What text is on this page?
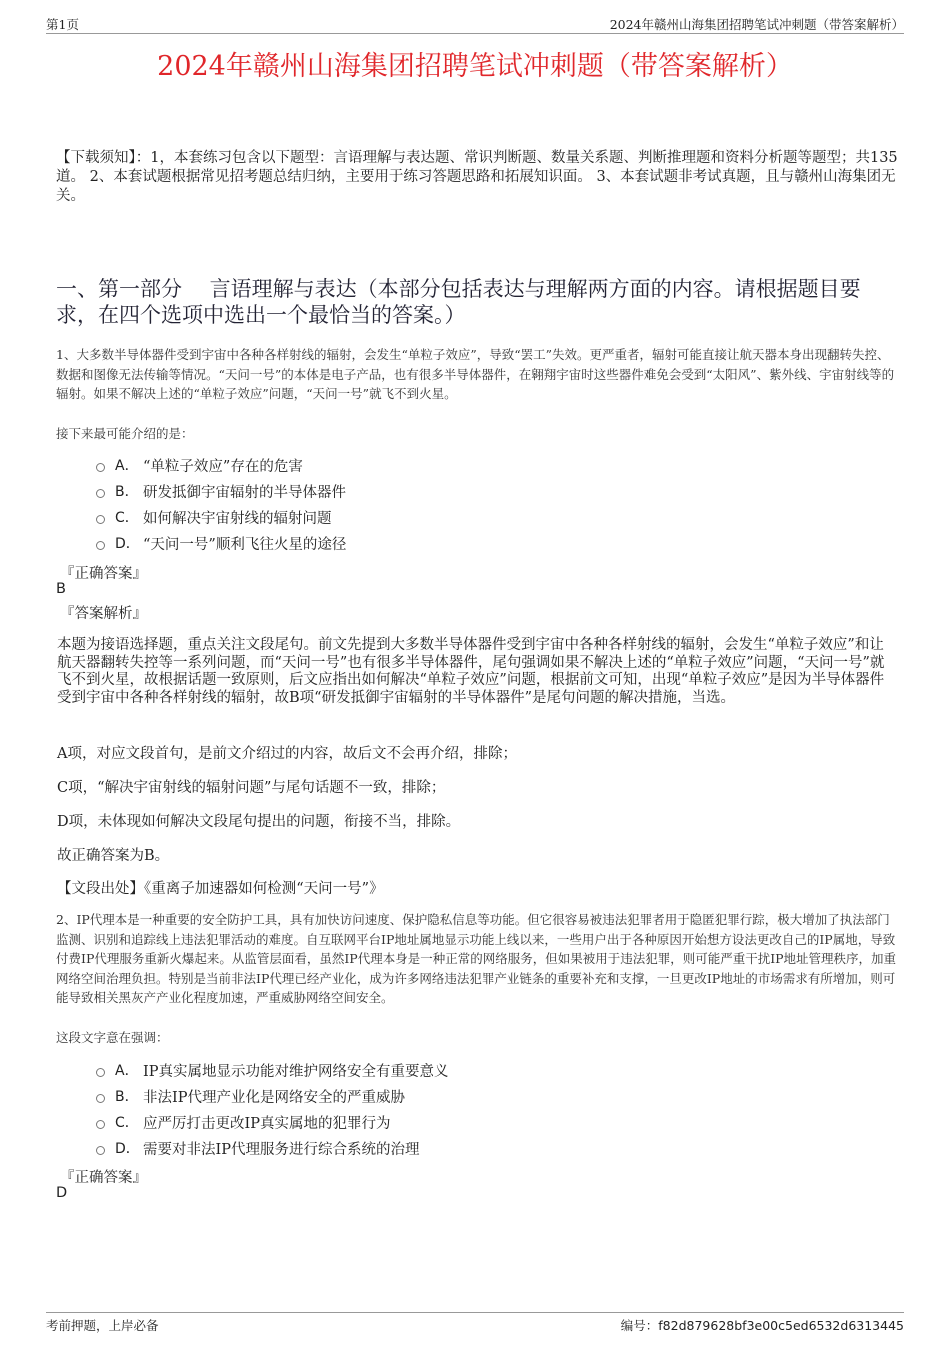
第1页	2024年赣州山海集团招聘笔试冲刺题（带答案解析）
2024年赣州山海集团招聘笔试冲刺题（带答案解析）
【下载须知】：1，本套练习包含以下题型：言语理解与表达题、常识判断题、数量关系题、判断推理题和资料分析题等题型；共135道。 2、本套试题根据常见招考题总结归纳，主要用于练习答题思路和拓展知识面。 3、本套试题非考试真题，且与赣州山海集团无关。
一、第一部分 　言语理解与表达（本部分包括表达与理解两方面的内容。请根据题目要求，在四个选项中选出一个最恰当的答案。）
1、大多数半导体器件受到宇宙中各种各样射线的辐射，会发生“单粒子效应”，导致“罢工”失效。更严重者，辐射可能直接让航天器本身出现翻转失控、数据和图像无法传输等情况。“天问一号”的本体是电子产品，也有很多半导体器件，在翱翔宇宙时这些器件难免会受到“太阳风”、紫外线、宇宙射线等的辐射。如果不解决上述的“单粒子效应”问题，“天问一号”就飞不到火星。
接下来最可能介绍的是：
A． “单粒子效应”存在的危害
B． 研发抵御宇宙辐射的半导体器件
C． 如何解决宇宙射线的辐射问题
D． “天问一号”顺利飞往火星的途径
『正确答案』
B
『答案解析』
本题为接语选择题，重点关注文段尾句。前文先提到大多数半导体器件受到宇宙中各种各样射线的辐射，会发生“单粒子效应”和让航天器翻转失控等一系列问题，而“天问一号”也有很多半导体器件，尾句强调如果不解决上述的“单粒子效应”问题，“天问一号”就飞不到火星，故根据话题一致原则，后文应指出如何解决“单粒子效应”问题，根据前文可知，出现“单粒子效应”是因为半导体器件受到宇宙中各种各样射线的辐射，故B项“研发抵御宇宙辐射的半导体器件”是尾句问题的解决措施，当选。
A项，对应文段首句，是前文介绍过的内容，故后文不会再介绍，排除；
C项，“解决宇宙射线的辐射问题”与尾句话题不一致，排除；
D项，未体现如何解决文段尾句提出的问题，衔接不当，排除。
故正确答案为B。
【文段出处】《重离子加速器如何检测“天问一号”》
2、IP代理本是一种重要的安全防护工具，具有加快访问速度、保护隐私信息等功能。但它很容易被违法犯罪者用于隐匿犯罪行踪，极大增加了执法部门监测、识别和追踪线上违法犯罪活动的难度。自互联网平台IP地址属地显示功能上线以来，一些用户出于各种原因开始想方设法更改自己的IP属地，导致付费IP代理服务重新火爆起来。从监管层面看，虽然IP代理本身是一种正常的网络服务，但如果被用于违法犯罪，则可能严重干扰IP地址管理秩序，加重网络空间治理负担。特别是当前非法IP代理已经产业化，成为许多网络违法犯罪产业链条的重要补充和支撑，一旦更改IP地址的市场需求有所增加，则可能导致相关黑灰产产业化程度加速，严重威胁网络空间安全。
这段文字意在强调：
A． IP真实属地显示功能对维护网络安全有重要意义
B． 非法IP代理产业化是网络安全的严重威胁
C． 应严厉打击更改IP真实属地的犯罪行为
D． 需要对非法IP代理服务进行综合系统的治理
『正确答案』
D
考前押题，上岸必备	编号：f82d879628bf3e00c5ed6532d6313445
